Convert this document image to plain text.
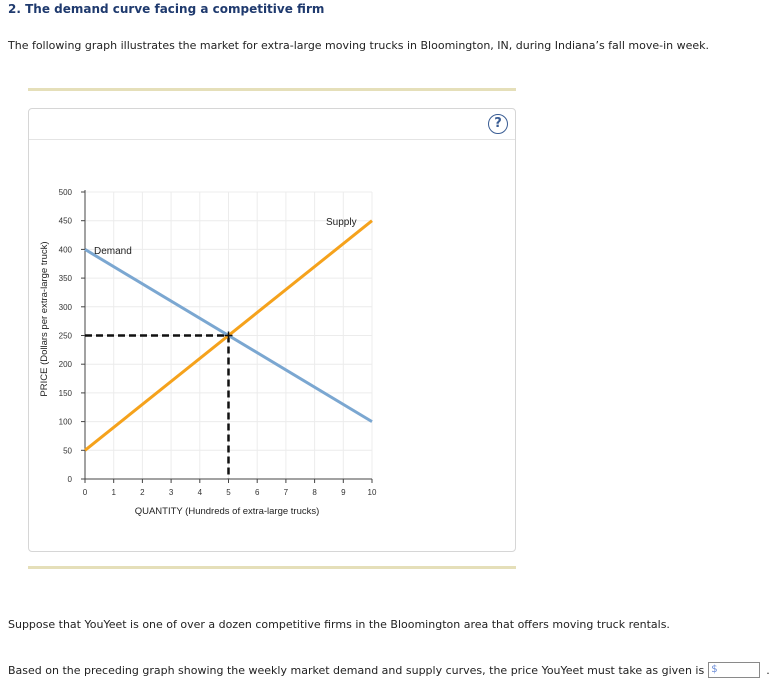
2. The demand curve facing a competitive firm
The following graph illustrates the market for extra-large moving trucks in Bloomington, IN, during Indiana’s fall move-in week.
?
0
50
100
150
200
250
300
350
400
450
500
0	1	2	3	4	5	6	7	8	9	10
Demand
Supply
QUANTITY (Hundreds of extra-large trucks)
PRICE (Dollars per extra-large truck)
Suppose that YouYeet is one of over a dozen competitive firms in the Bloomington area that offers moving truck rentals.
Based on the preceding graph showing the weekly market demand and supply curves, the price YouYeet must take as given is $	.
